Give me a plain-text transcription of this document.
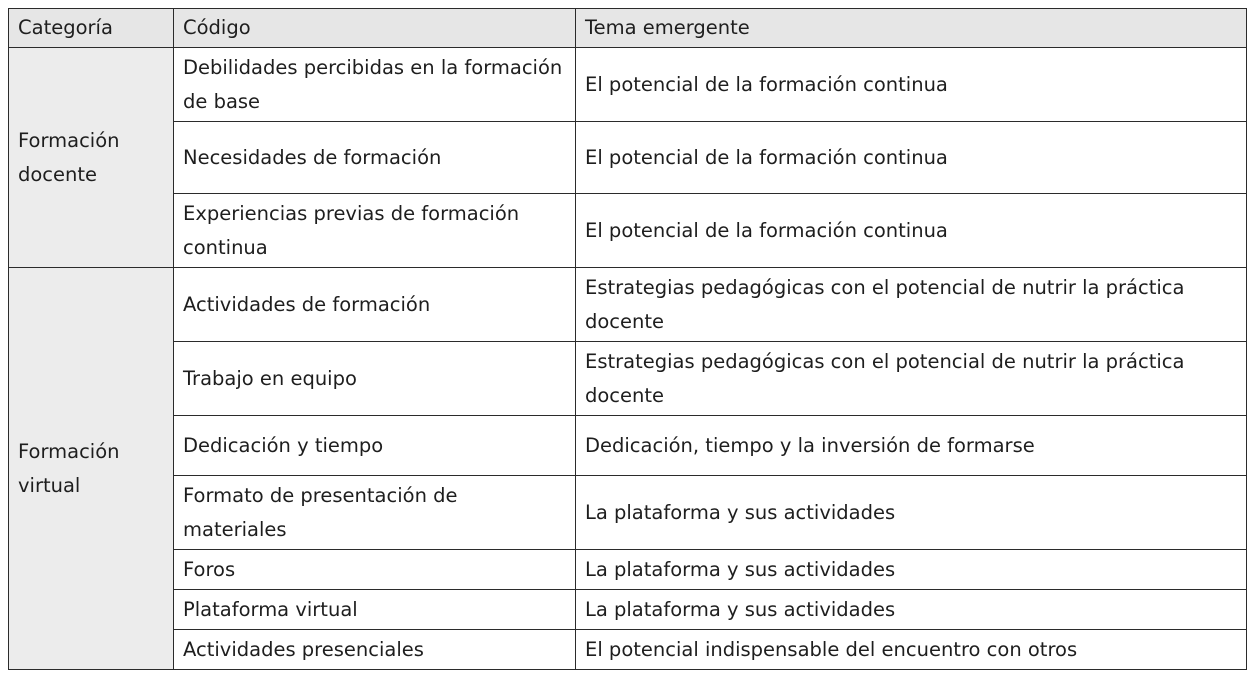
Categoría	Código	Tema emergente
Formación docente	Debilidades percibidas en la formación de base	El potencial de la formación continua
	Necesidades de formación	El potencial de la formación continua
	Experiencias previas de formación continua	El potencial de la formación continua
Formación virtual	Actividades de formación	Estrategias pedagógicas con el potencial de nutrir la práctica docente
	Trabajo en equipo	Estrategias pedagógicas con el potencial de nutrir la práctica docente
	Dedicación y tiempo	Dedicación, tiempo y la inversión de formarse
	Formato de presentación de materiales	La plataforma y sus actividades
	Foros	La plataforma y sus actividades
	Plataforma virtual	La plataforma y sus actividades
	Actividades presenciales	El potencial indispensable del encuentro con otros
